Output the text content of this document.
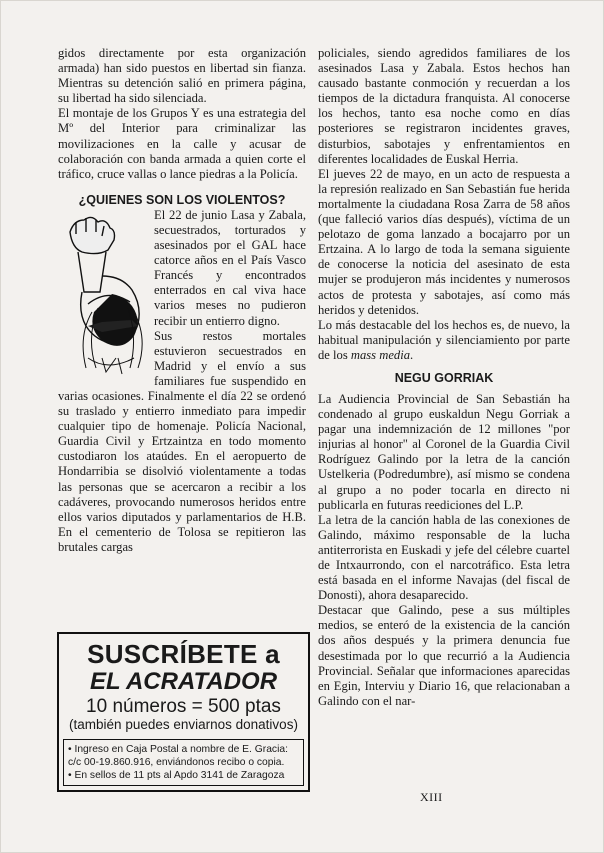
gidos directamente por esta organización armada) han sido puestos en libertad sin fianza. Mientras su detención salió en primera página, su libertad ha sido silenciada.

El montaje de los Grupos Y es una estrategia del Mº del Interior para criminalizar las movilizaciones en la calle y acusar de colaboración con banda armada a quien corte el tráfico, cruce vallas o lance piedras a la Policía.

¿QUIENES SON LOS VIOLENTOS?

El 22 de junio Lasa y Zabala, secuestrados, torturados y asesinados por el GAL hace catorce años en el País Vasco Francés y encontrados enterrados en cal viva hace varios meses no pudieron recibir un entierro digno.

Sus restos mortales estuvieron secuestrados en Madrid y el envío a sus familiares fue suspendido en varias ocasiones. Finalmente el día 22 se ordenó su traslado y entierro inmediato para impedir cualquier tipo de homenaje. Policía Nacional, Guardia Civil y Ertzaintza en todo momento custodiaron los ataúdes. En el aeropuerto de Hondarribia se disolvió violentamente a todas las personas que se acercaron a recibir a los cadáveres, provocando numerosos heridos entre ellos varios diputados y parlamentarios de H.B. En el cementerio de Tolosa se repitieron las brutales cargas

SUSCRÍBETE a
EL ACRATADOR
10 números = 500 ptas
(también puedes enviarnos donativos)
• Ingreso en Caja Postal a nombre de E. Gracia:
c/c 00-19.860.916, enviándonos recibo o copia.
• En sellos de 11 pts al Apdo 3141 de Zaragoza

policiales, siendo agredidos familiares de los asesinados Lasa y Zabala. Estos hechos han causado bastante conmoción y recuerdan a los tiempos de la dictadura franquista. Al conocerse los hechos, tanto esa noche como en días posteriores se registraron incidentes graves, disturbios, sabotajes y enfrentamientos en diferentes localidades de Euskal Herria.

El jueves 22 de mayo, en un acto de respuesta a la represión realizado en San Sebastián fue herida mortalmente la ciudadana Rosa Zarra de 58 años (que falleció varios días después), víctima de un pelotazo de goma lanzado a bocajarro por un Ertzaina. A lo largo de toda la semana siguiente de conocerse la noticia del asesinato de esta mujer se produjeron más incidentes y numerosos actos de protesta y sabotajes, así como más heridos y detenidos.

Lo más destacable del los hechos es, de nuevo, la habitual manipulación y silenciamiento por parte de los mass media.

NEGU GORRIAK

La Audiencia Provincial de San Sebastián ha condenado al grupo euskaldun Negu Gorriak a pagar una indemnización de 12 millones "por injurias al honor" al Coronel de la Guardia Civil Rodríguez Galindo por la letra de la canción Ustelkeria (Podredumbre), así mismo se condena al grupo a no poder tocarla en directo ni publicarla en futuras reediciones del L.P.

La letra de la canción habla de las conexiones de Galindo, máximo responsable de la lucha antiterrorista en Euskadi y jefe del célebre cuartel de Intxaurrondo, con el narcotráfico. Esta letra está basada en el informe Navajas (del fiscal de Donosti), ahora desaparecido.

Destacar que Galindo, pese a sus múltiples medios, se enteró de la existencia de la canción dos años después y la primera denuncia fue desestimada por lo que recurrió a la Audiencia Provincial. Señalar que informaciones aparecidas en Egin, Interviu y Diario 16, que relacionaban a Galindo con el nar-

XIII
